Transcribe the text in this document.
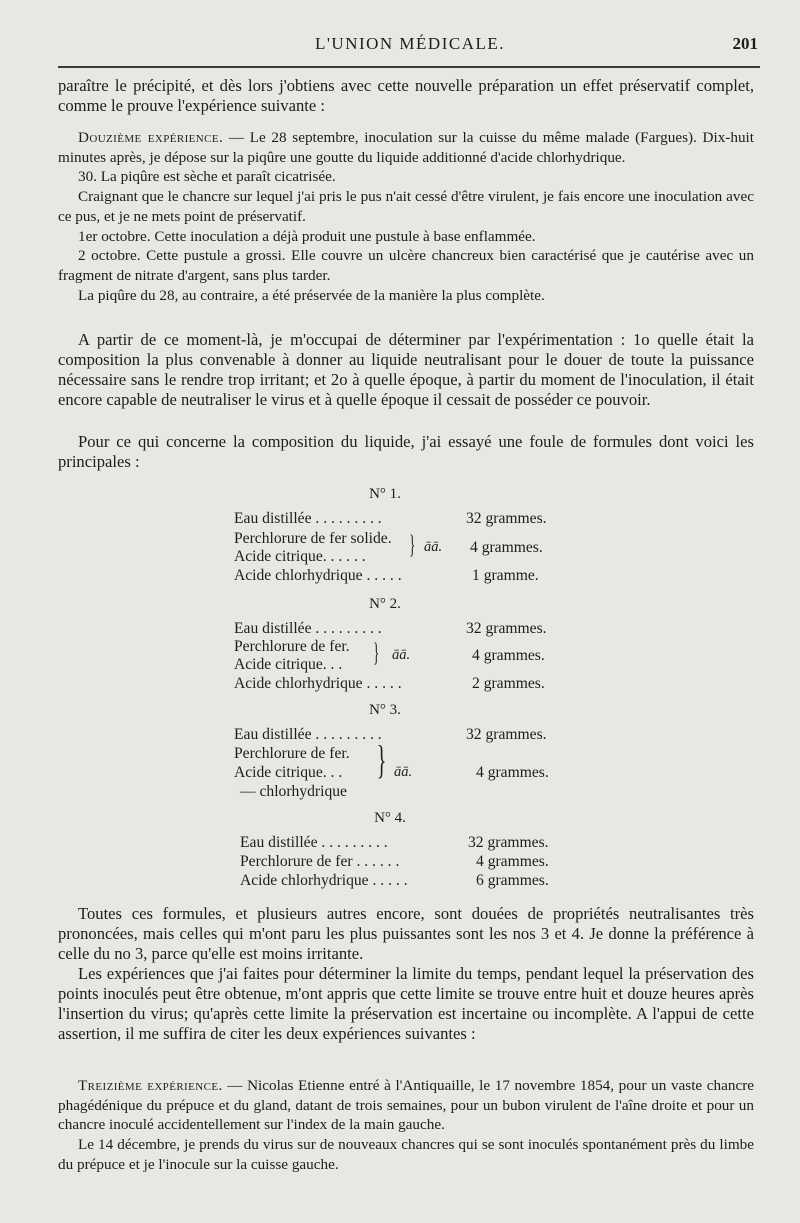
L'UNION MÉDICALE.	201
paraître le précipité, et dès lors j'obtiens avec cette nouvelle préparation un effet préservatif complet, comme le prouve l'expérience suivante :
Douzième expérience. — Le 28 septembre, inoculation sur la cuisse du même malade (Fargues). Dix-huit minutes après, je dépose sur la piqûre une goutte du liquide additionné d'acide chlorhydrique.
30. La piqûre est sèche et paraît cicatrisée.
Craignant que le chancre sur lequel j'ai pris le pus n'ait cessé d'être virulent, je fais encore une inoculation avec ce pus, et je ne mets point de préservatif.
1er octobre. Cette inoculation a déjà produit une pustule à base enflammée.
2 octobre. Cette pustule a grossi. Elle couvre un ulcère chancreux bien caractérisé que je cautérise avec un fragment de nitrate d'argent, sans plus tarder.
La piqûre du 28, au contraire, a été préservée de la manière la plus complète.
A partir de ce moment-là, je m'occupai de déterminer par l'expérimentation : 1o quelle était la composition la plus convenable à donner au liquide neutralisant pour le douer de toute la puissance nécessaire sans le rendre trop irritant; et 2o à quelle époque, à partir du moment de l'inoculation, il était encore capable de neutraliser le virus et à quelle époque il cessait de posséder ce pouvoir.
Pour ce qui concerne la composition du liquide, j'ai essayé une foule de formules dont voici les principales :
N° 1.
Eau distillée . . . . . . . . .	32 grammes.
Perchlorure de fer solide.
Acide citrique. . . . . . } āā. 4 grammes.
Acide chlorhydrique . . . . .	1 gramme.
N° 2.
Eau distillée . . . . . . . . .	32 grammes.
Perchlorure de fer.
Acide citrique. . . } āā.	4 grammes.
Acide chlorhydrique . . . . .	2 grammes.
N° 3.
Eau distillée . . . . . . . . .	32 grammes.
Perchlorure de fer.
Acide citrique. . .
— chlorhydrique
} āā.	4 grammes.
N° 4.
Eau distillée . . . . . . . . .	32 grammes.
Perchlorure de fer . . . . . .	4 grammes.
Acide chlorhydrique . . . . .	6 grammes.
Toutes ces formules, et plusieurs autres encore, sont douées de propriétés neutralisantes très prononcées, mais celles qui m'ont paru les plus puissantes sont les nos 3 et 4. Je donne la préférence à celle du no 3, parce qu'elle est moins irritante.
Les expériences que j'ai faites pour déterminer la limite du temps, pendant lequel la préservation des points inoculés peut être obtenue, m'ont appris que cette limite se trouve entre huit et douze heures après l'insertion du virus; qu'après cette limite la préservation est incertaine ou incomplète. A l'appui de cette assertion, il me suffira de citer les deux expériences suivantes :
Treizième expérience. — Nicolas Etienne entré à l'Antiquaille, le 17 novembre 1854, pour un vaste chancre phagédénique du prépuce et du gland, datant de trois semaines, pour un bubon virulent de l'aîne droite et pour un chancre inoculé accidentellement sur l'index de la main gauche.
Le 14 décembre, je prends du virus sur de nouveaux chancres qui se sont inoculés spontanément près du limbe du prépuce et je l'inocule sur la cuisse gauche.
